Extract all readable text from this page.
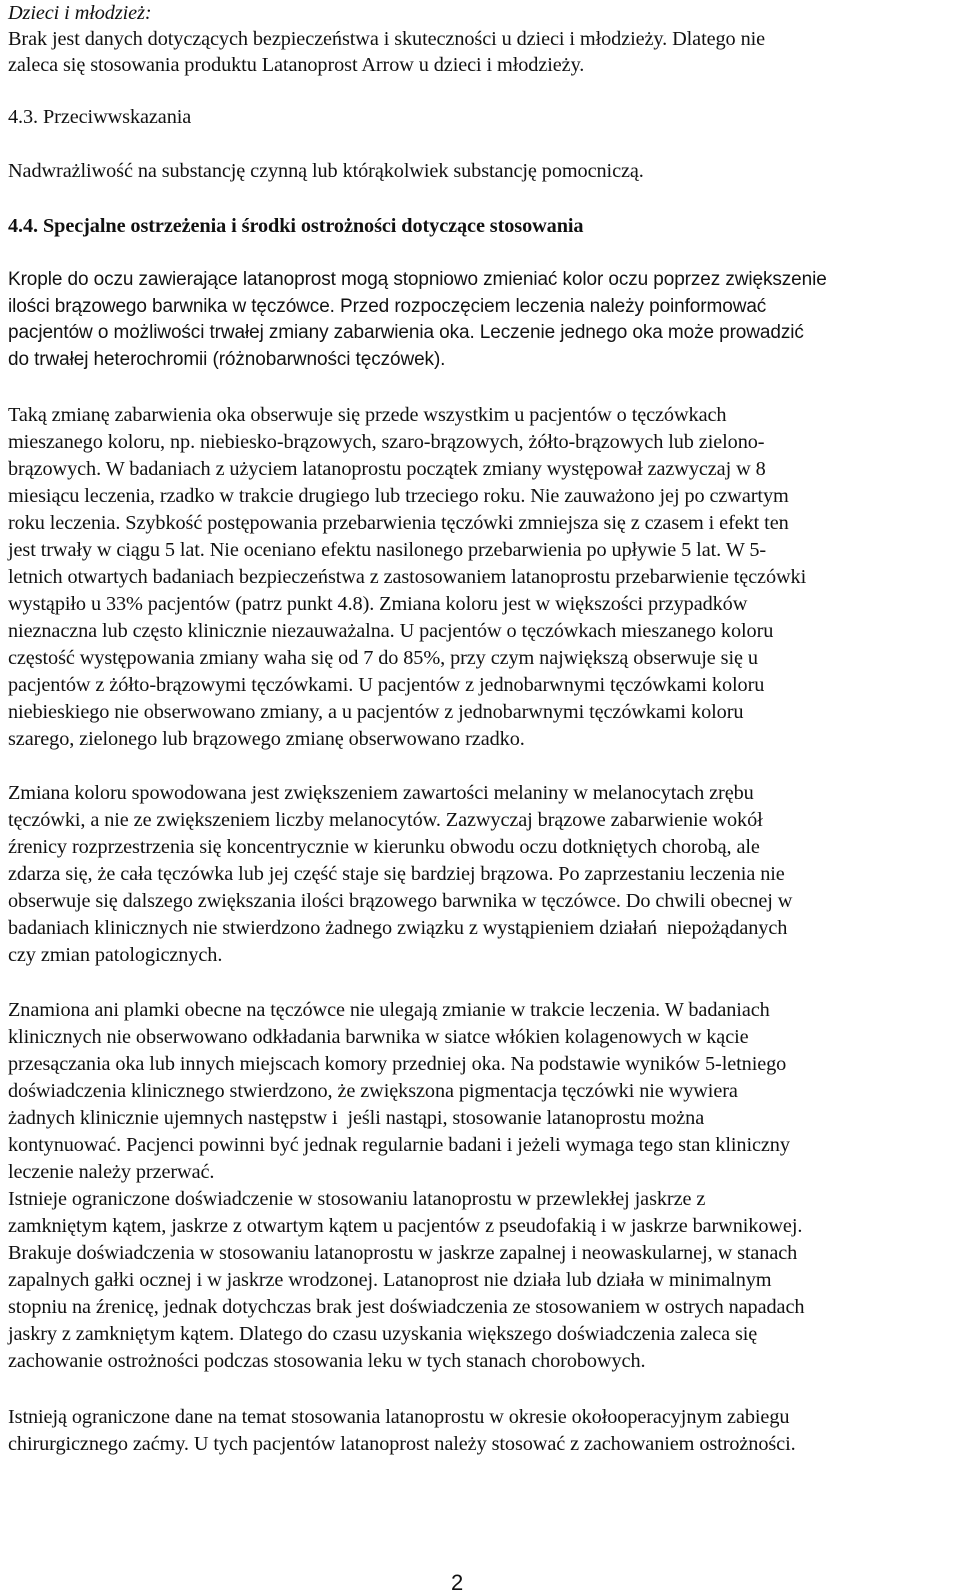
Dzieci i młodzież:
Brak jest danych dotyczących bezpieczeństwa i skuteczności u dzieci i młodzieży. Dlatego nie
zaleca się stosowania produktu Latanoprost Arrow u dzieci i młodzieży.
4.3. Przeciwwskazania
Nadwrażliwość na substancję czynną lub którąkolwiek substancję pomocniczą.
4.4. Specjalne ostrzeżenia i środki ostrożności dotyczące stosowania
Krople do oczu zawierające latanoprost mogą stopniowo zmieniać kolor oczu poprzez zwiększenie
ilości brązowego barwnika w tęczówce. Przed rozpoczęciem leczenia należy poinformować
pacjentów o możliwości trwałej zmiany zabarwienia oka. Leczenie jednego oka może prowadzić
do trwałej heterochromii (różnobarwności tęczówek).
Taką zmianę zabarwienia oka obserwuje się przede wszystkim u pacjentów o tęczówkach
mieszanego koloru, np. niebiesko-brązowych, szaro-brązowych, żółto-brązowych lub zielono-
brązowych. W badaniach z użyciem latanoprostu początek zmiany występował zazwyczaj w 8
miesiącu leczenia, rzadko w trakcie drugiego lub trzeciego roku. Nie zauważono jej po czwartym
roku leczenia. Szybkość postępowania przebarwienia tęczówki zmniejsza się z czasem i efekt ten
jest trwały w ciągu 5 lat. Nie oceniano efektu nasilonego przebarwienia po upływie 5 lat. W 5-
letnich otwartych badaniach bezpieczeństwa z zastosowaniem latanoprostu przebarwienie tęczówki
wystąpiło u 33% pacjentów (patrz punkt 4.8). Zmiana koloru jest w większości przypadków
nieznaczna lub często klinicznie niezauważalna. U pacjentów o tęczówkach mieszanego koloru
częstość występowania zmiany waha się od 7 do 85%, przy czym największą obserwuje się u
pacjentów z żółto-brązowymi tęczówkami. U pacjentów z jednobarwnymi tęczówkami koloru
niebieskiego nie obserwowano zmiany, a u pacjentów z jednobarwnymi tęczówkami koloru
szarego, zielonego lub brązowego zmianę obserwowano rzadko.
Zmiana koloru spowodowana jest zwiększeniem zawartości melaniny w melanocytach zrębu
tęczówki, a nie ze zwiększeniem liczby melanocytów. Zazwyczaj brązowe zabarwienie wokół
źrenicy rozprzestrzenia się koncentrycznie w kierunku obwodu oczu dotkniętych chorobą, ale
zdarza się, że cała tęczówka lub jej część staje się bardziej brązowa. Po zaprzestaniu leczenia nie
obserwuje się dalszego zwiększania ilości brązowego barwnika w tęczówce. Do chwili obecnej w
badaniach klinicznych nie stwierdzono żadnego związku z wystąpieniem działań  niepożądanych
czy zmian patologicznych.
Znamiona ani plamki obecne na tęczówce nie ulegają zmianie w trakcie leczenia. W badaniach
klinicznych nie obserwowano odkładania barwnika w siatce włókien kolagenowych w kącie
przesączania oka lub innych miejscach komory przedniej oka. Na podstawie wyników 5-letniego
doświadczenia klinicznego stwierdzono, że zwiększona pigmentacja tęczówki nie wywiera
żadnych klinicznie ujemnych następstw i  jeśli nastąpi, stosowanie latanoprostu można
kontynuować. Pacjenci powinni być jednak regularnie badani i jeżeli wymaga tego stan kliniczny
leczenie należy przerwać.
Istnieje ograniczone doświadczenie w stosowaniu latanoprostu w przewlekłej jaskrze z
zamkniętym kątem, jaskrze z otwartym kątem u pacjentów z pseudofakią i w jaskrze barwnikowej.
Brakuje doświadczenia w stosowaniu latanoprostu w jaskrze zapalnej i neowaskularnej, w stanach
zapalnych gałki ocznej i w jaskrze wrodzonej. Latanoprost nie działa lub działa w minimalnym
stopniu na źrenicę, jednak dotychczas brak jest doświadczenia ze stosowaniem w ostrych napadach
jaskry z zamkniętym kątem. Dlatego do czasu uzyskania większego doświadczenia zaleca się
zachowanie ostrożności podczas stosowania leku w tych stanach chorobowych.
Istnieją ograniczone dane na temat stosowania latanoprostu w okresie okołooperacyjnym zabiegu
chirurgicznego zaćmy. U tych pacjentów latanoprost należy stosować z zachowaniem ostrożności.
2
